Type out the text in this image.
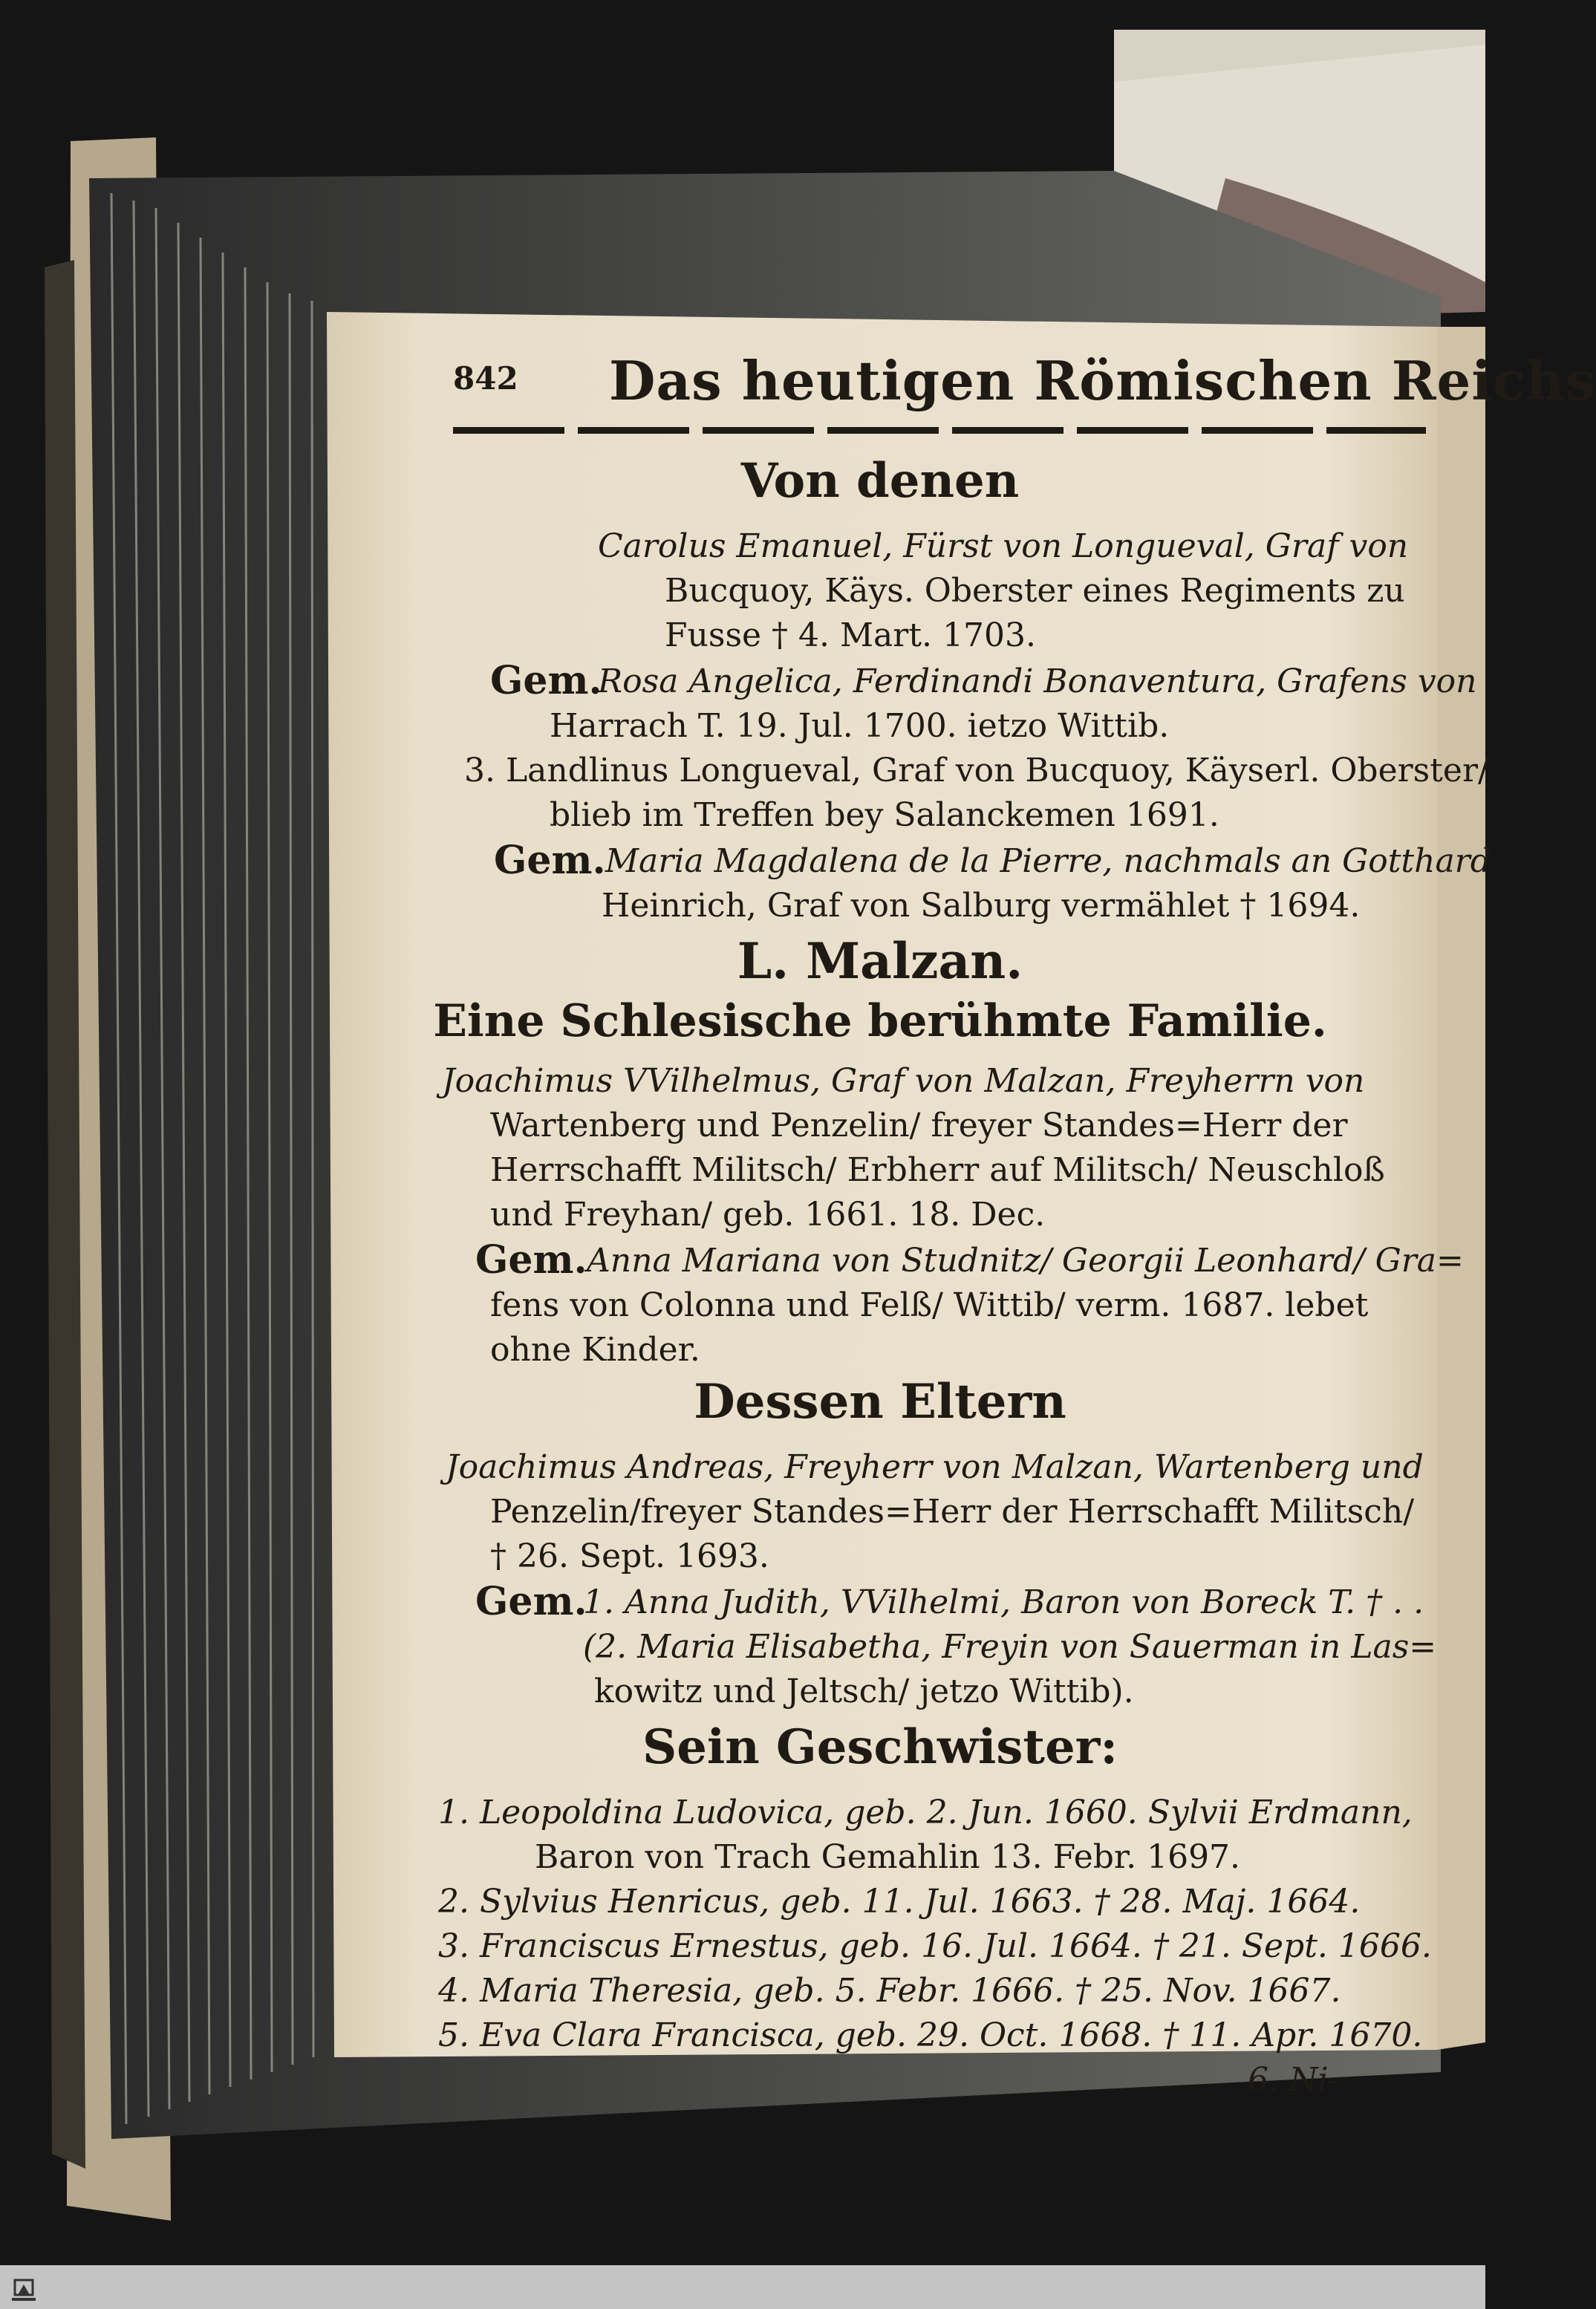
842 Das heutigen Römischen Reichs
Von denen
Carolus Emanuel, Fürst von Longueval, Graf von
Bucquoy, Käys. Oberster eines Regiments zu
Fusse † 4. Mart. 1703.
Gem.
Rosa Angelica, Ferdinandi Bonaventura, Grafens von
Harrach T. 19. Jul. 1700. ietzo Wittib.
3. Landlinus Longueval, Graf von Bucquoy, Käyserl. Oberster/
blieb im Treffen bey Salanckemen 1691.
Gem. Maria Magdalena de la Pierre, nachmals an Gotthard
Heinrich, Graf von Salburg vermählet † 1694.
L. Malzan.
Eine Schlesische berühmte Familie.
Joachimus VVilhelmus, Graf von Malzan, Freyherrn von
Wartenberg und Penzelin/ freyer Standes=Herr der
Herrschafft Militsch/ Erbherr auf Militsch/ Neuschloß
und Freyhan/ geb. 1661. 18. Dec.
Gem. Anna Mariana von Studnitz/ Georgii Leonhard/ Gra=
fens von Colonna und Felß/ Wittib/ verm. 1687. lebet
ohne Kinder.
Dessen Eltern
Joachimus Andreas, Freyherr von Malzan, Wartenberg und
Penzelin/freyer Standes=Herr der Herrschafft Militsch/
† 26. Sept. 1693.
Gem.
1. Anna Judith, VVilhelmi, Baron von Boreck T. † . .
(2. Maria Elisabetha, Freyin von Sauerman in Las=
kowitz und Jeltsch/ jetzo Wittib).
Sein Geschwister:
1. Leopoldina Ludovica, geb. 2. Jun. 1660. Sylvii Erdmann,
Baron von Trach Gemahlin 13. Febr. 1697.
2. Sylvius Henricus, geb. 11. Jul. 1663. † 28. Maj. 1664.
3. Franciscus Ernestus, geb. 16. Jul. 1664. † 21. Sept. 1666.
4. Maria Theresia, geb. 5. Febr. 1666. † 25. Nov. 1667.
5. Eva Clara Francisca, geb. 29. Oct. 1668. † 11. Apr. 1670.
6. Ni-
